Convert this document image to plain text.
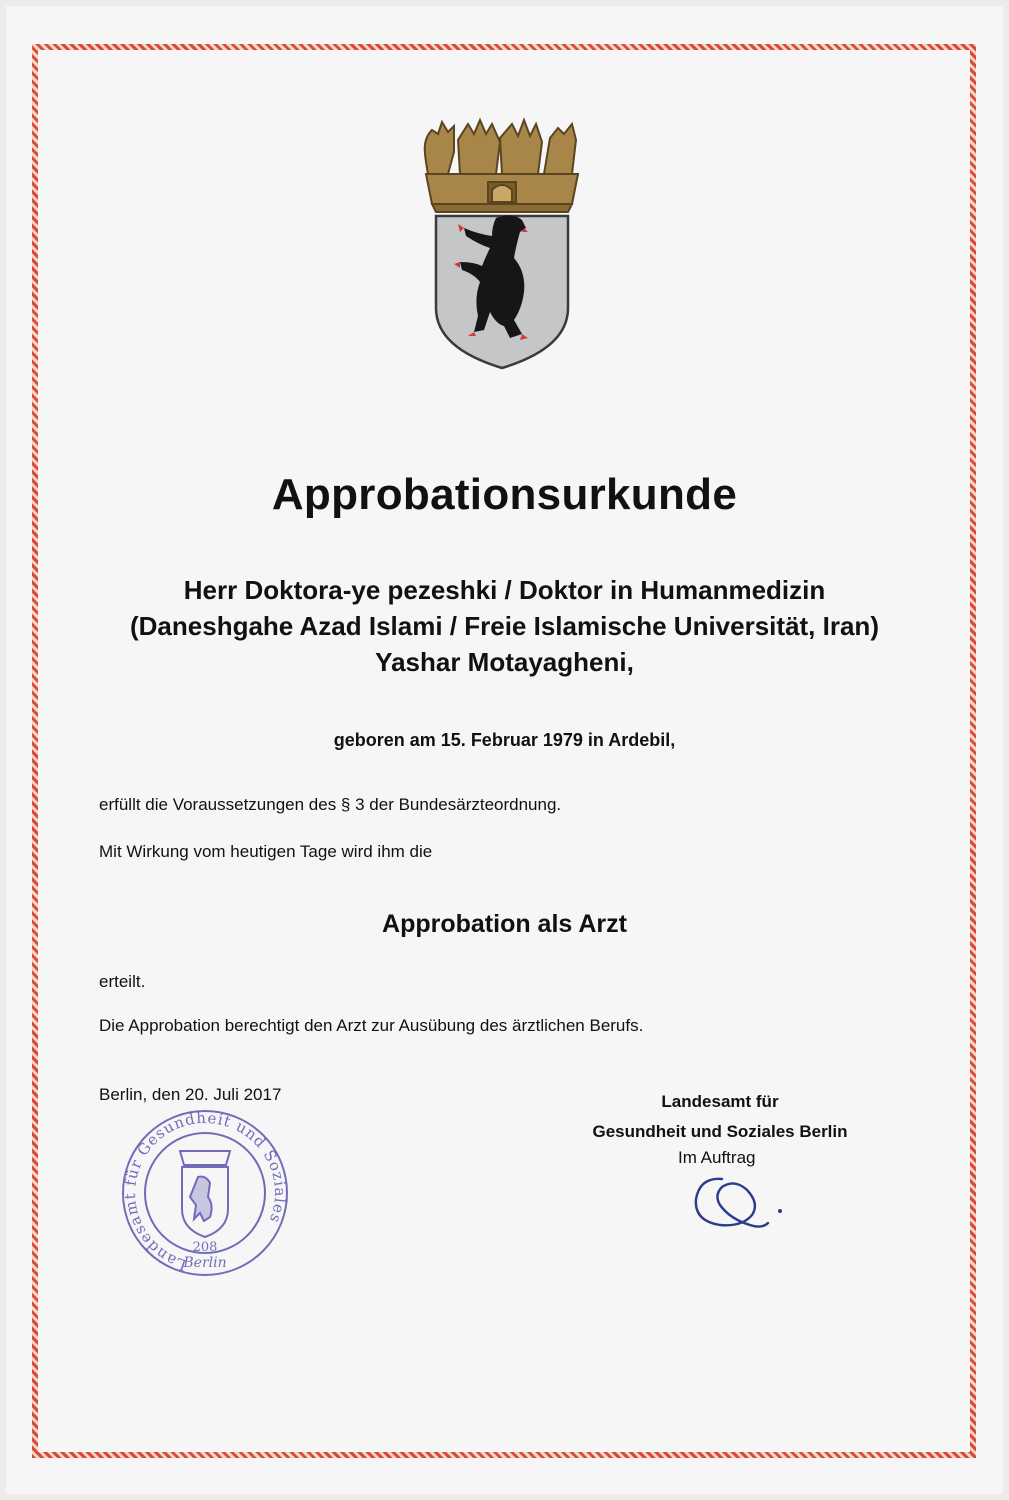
Approbationsurkunde
Herr Doktora-ye pezeshki / Doktor in Humanmedizin
(Daneshgahe Azad Islami / Freie Islamische Universität, Iran)
Yashar Motayagheni,
geboren am 15. Februar 1979 in Ardebil,
erfüllt die Voraussetzungen des § 3 der Bundesärzteordnung.
Mit Wirkung vom heutigen Tage wird ihm die
Approbation als Arzt
erteilt.
Die Approbation berechtigt den Arzt zur Ausübung des ärztlichen Berufs.
Berlin, den 20. Juli 2017
Landesamt für Gesundheit und Soziales
208
Berlin
Landesamt für
Gesundheit und Soziales Berlin
Im Auftrag
